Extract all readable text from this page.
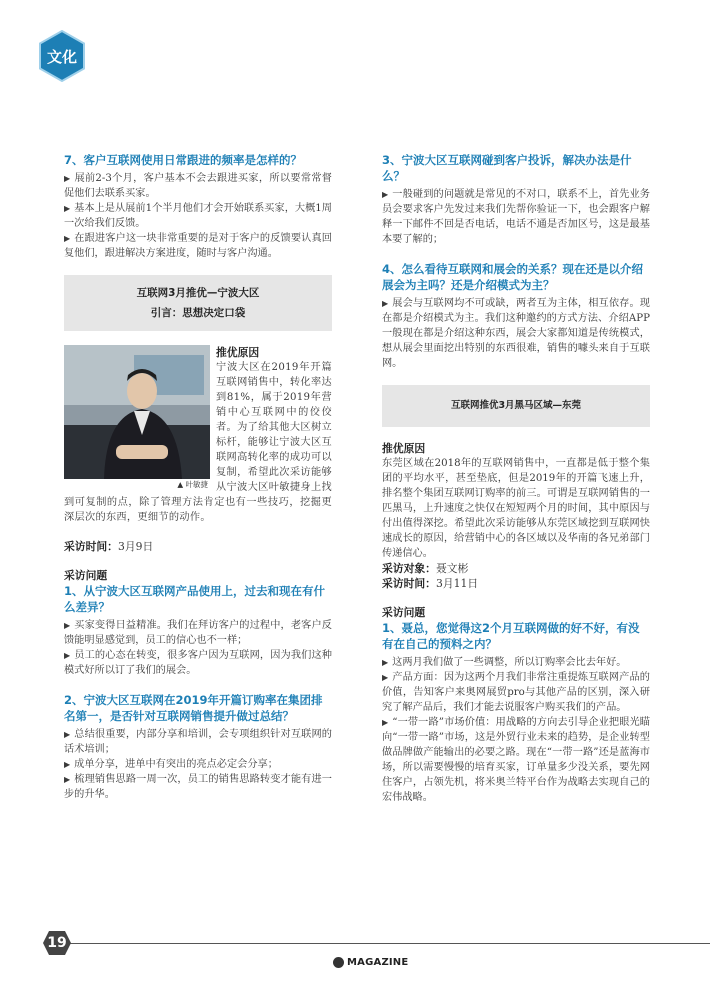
文化
7、客户互联网使用日常跟进的频率是怎样的？
▶ 展前2-3个月，客户基本不会去跟进买家，所以要常常督促他们去联系买家。
▶ 基本上是从展前1个半月他们才会开始联系买家，大概1周一次给我们反馈。
▶ 在跟进客户这一块非常重要的是对于客户的反馈要认真回复他们，跟进解决方案进度，随时与客户沟通。
互联网3月推优—宁波大区
引言：思想决定口袋
▲ 叶敏捷
推优原因
宁波大区在2019年开篇互联网销售中，转化率达到81%，属于2019年营销中心互联网中的佼佼者。为了给其他大区树立标杆，能够让宁波大区互联网高转化率的成功可以复制，希望此次采访能够从宁波大区叶敏捷身上找到可复制的点，除了管理方法肯定也有一些技巧，挖掘更深层次的东西，更细节的动作。
采访时间：3月9日
采访问题
1、从宁波大区互联网产品使用上，过去和现在有什么差异？
▶ 买家变得日益精准。我们在拜访客户的过程中，老客户反馈能明显感觉到，员工的信心也不一样；
▶ 员工的心态在转变，很多客户因为互联网，因为我们这种模式好所以订了我们的展会。
2、宁波大区互联网在2019年开篇订购率在集团排名第一，是否针对互联网销售提升做过总结？
▶ 总结很重要，内部分享和培训，会专项组织针对互联网的话术培训；
▶ 成单分享，进单中有突出的亮点必定会分享；
▶ 梳理销售思路一周一次，员工的销售思路转变才能有进一步的升华。
3、宁波大区互联网碰到客户投诉，解决办法是什么？
▶ 一般碰到的问题就是常见的不对口，联系不上，首先业务员会要求客户先发过来我们先帮你验证一下，也会跟客户解释一下邮件不回是否电话，电话不通是否加区号，这是最基本要了解的；
4、怎么看待互联网和展会的关系？现在还是以介绍展会为主吗？还是介绍模式为主？
▶ 展会与互联网均不可或缺，两者互为主体，相互依存。现在都是介绍模式为主。我们这种邀约的方式方法、介绍APP一般现在都是介绍这种东西，展会大家都知道是传统模式，想从展会里面挖出特别的东西很难，销售的噱头来自于互联网。
互联网推优3月黑马区域—东莞
推优原因
东莞区域在2018年的互联网销售中，一直都是低于整个集团的平均水平，甚至垫底，但是2019年的开篇飞速上升，排名整个集团互联网订购率的前三。可谓是互联网销售的一匹黑马，上升速度之快仅在短短两个月的时间，其中原因与付出值得深挖。希望此次采访能够从东莞区域挖到互联网快速成长的原因，给营销中心的各区域以及华南的各兄弟部门传递信心。
采访对象：聂文彬
采访时间：3月11日
采访问题
1、聂总，您觉得这2个月互联网做的好不好，有没有在自己的预料之内？
▶ 这两月我们做了一些调整，所以订购率会比去年好。
▶ 产品方面：因为这两个月我们非常注重提炼互联网产品的价值，告知客户来奥网展贸pro与其他产品的区别，深入研究了解产品后，我们才能去说服客户购买我们的产品。
▶ “一带一路”市场价值：用战略的方向去引导企业把眼光瞄向“一带一路”市场，这是外贸行业未来的趋势，是企业转型做品牌做产能输出的必要之路。现在“一带一路”还是蓝海市场，所以需要慢慢的培育买家，订单量多少没关系，要先网住客户，占领先机，将米奥兰特平台作为战略去实现自己的宏伟战略。
19
MAGAZINE
